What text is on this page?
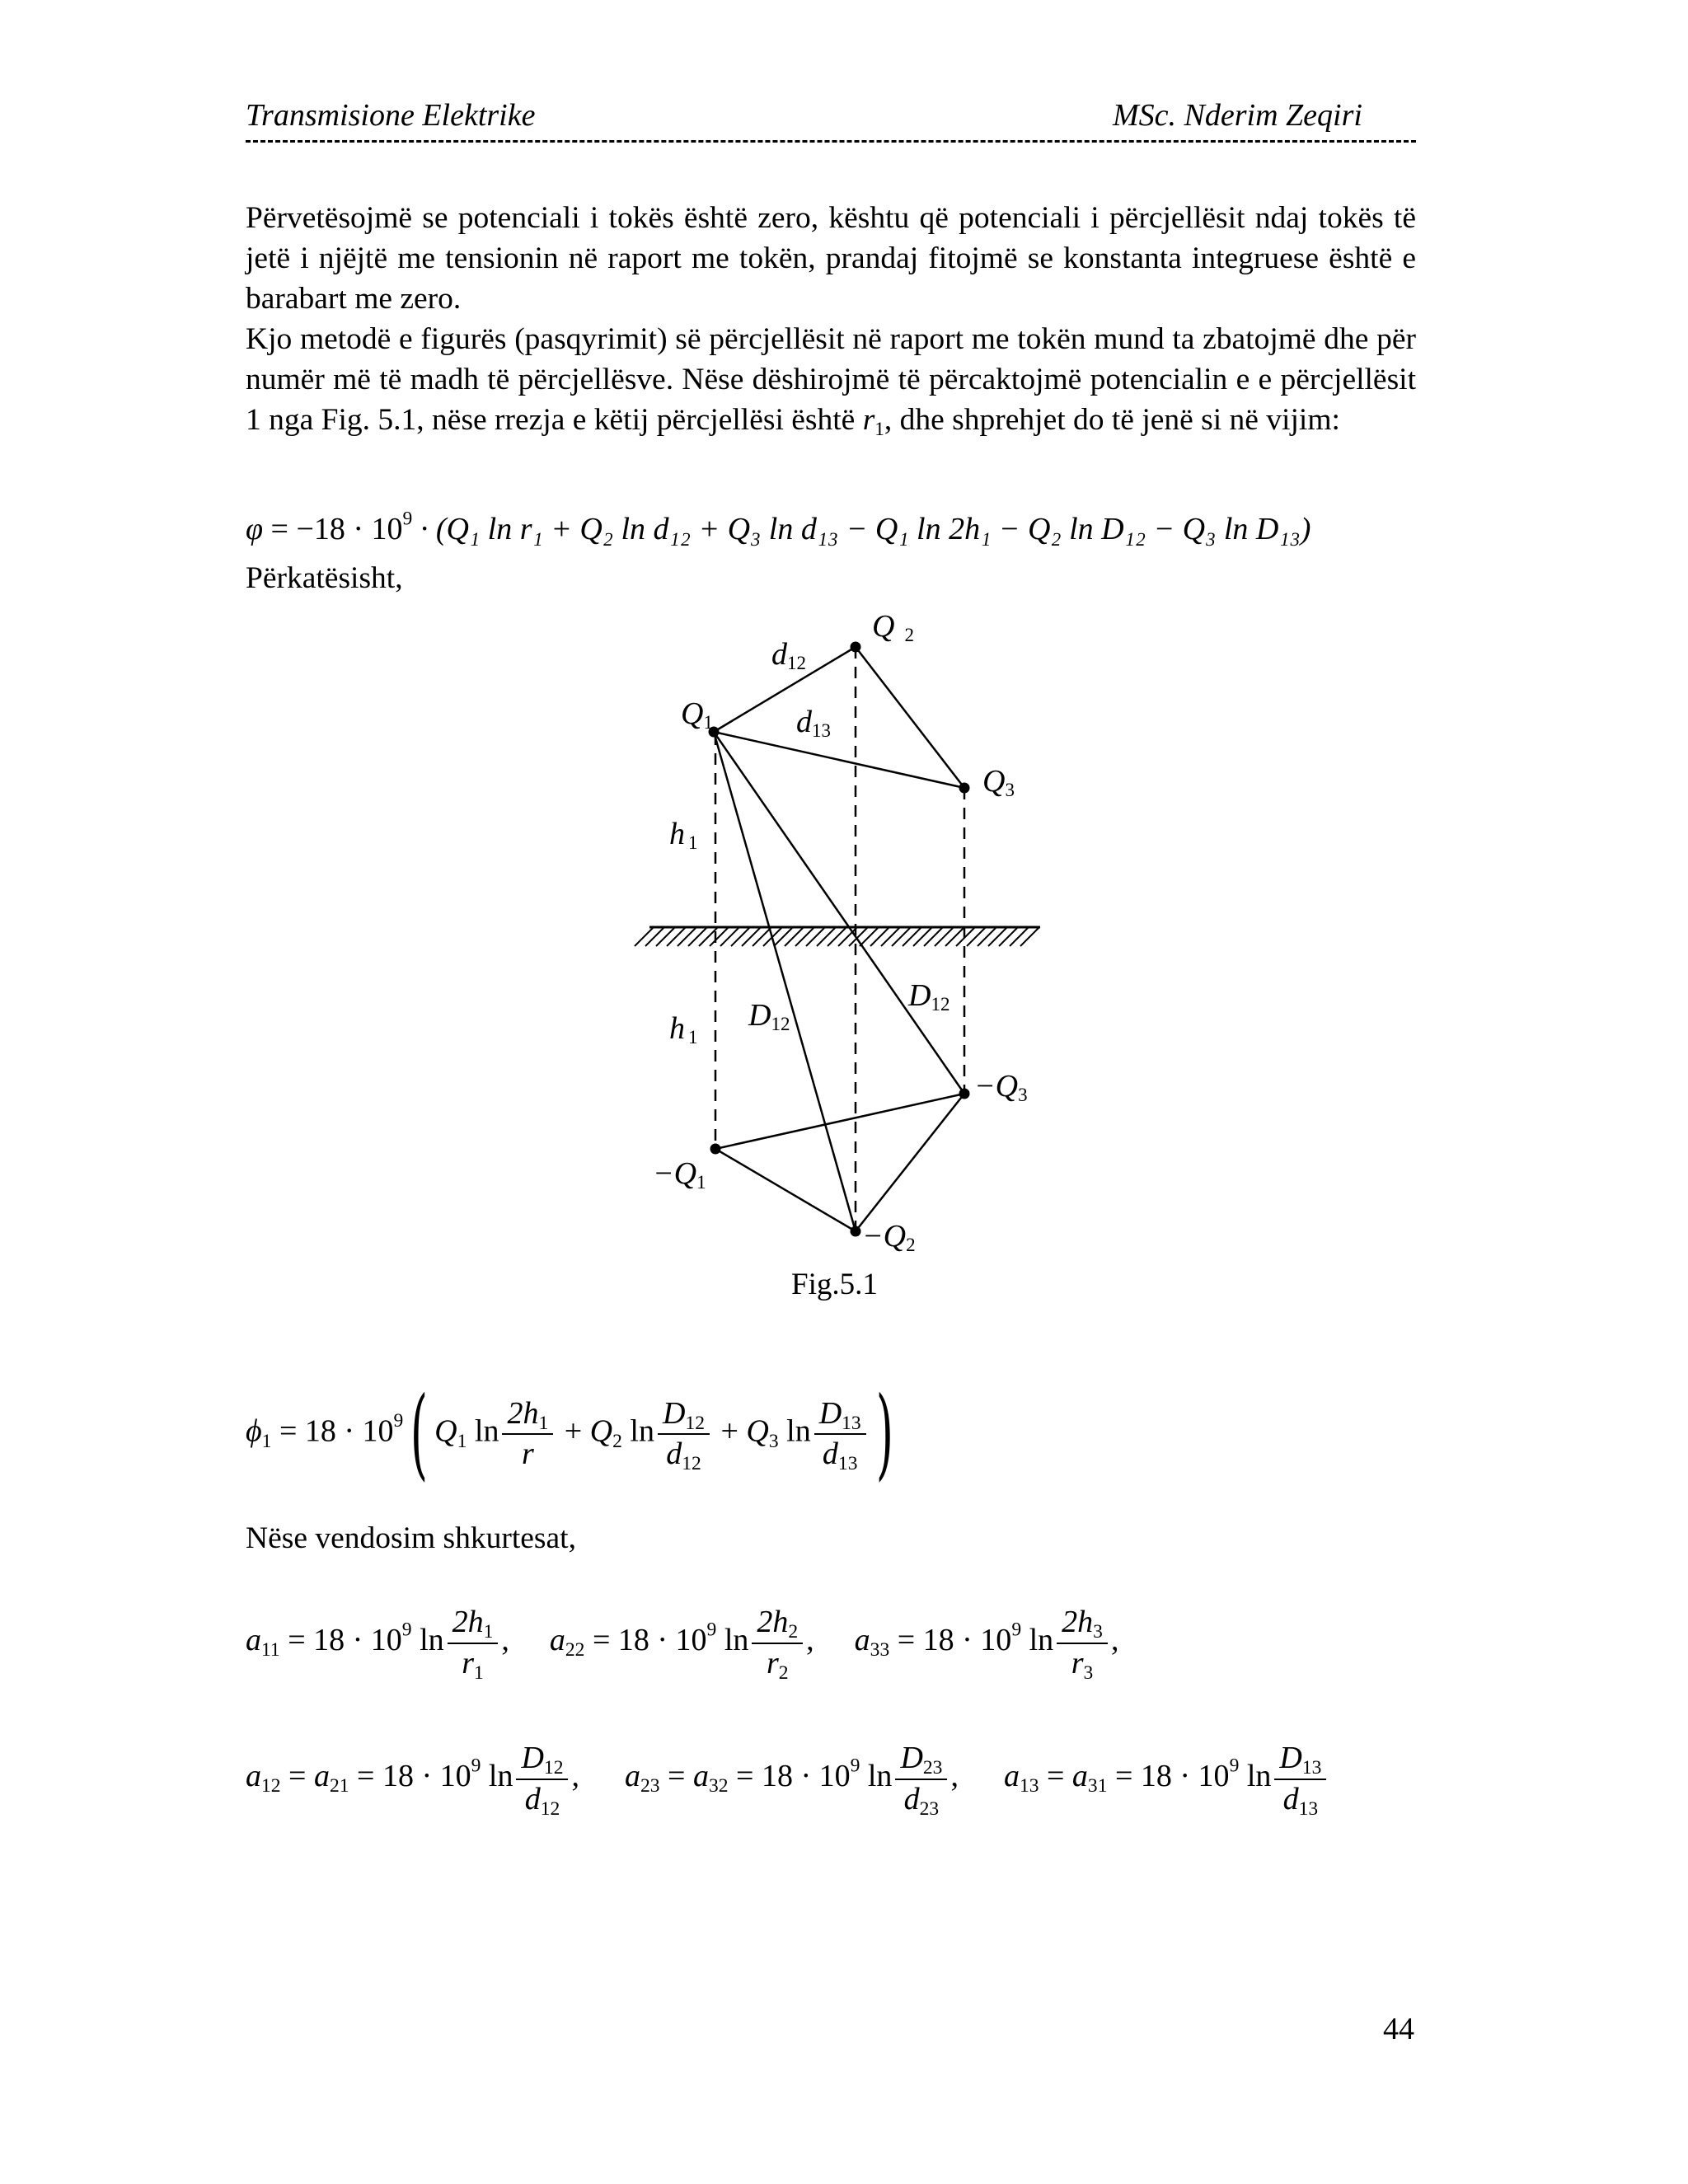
Transmisione Elektrike	MSc. Nderim Zeqiri

Përvetësojmë se potenciali i tokës është zero, kështu që potenciali i përcjellësit ndaj tokës të jetë i njëjtë me tensionin në raport me tokën, prandaj fitojmë se konstanta integruese është e barabart me zero.

Kjo metodë e figurës (pasqyrimit) së përcjellësit në raport me tokën mund ta zbatojmë dhe për numër më të madh të përcjellësve. Nëse dëshirojmë të përcaktojmë potencialin e e përcjellësit 1 nga Fig. 5.1, nëse rrezja e këtij përcjellësi është $r_1$, dhe shprehjet do të jenë si në vijim:

$\varphi = -18 \cdot 10^9 \cdot (Q_1$ ln r₁ + Q₂ ln d₁₂ + Q₃ ln d₁₃ − Q₁ ln 2h₁ − Q₂ ln D₁₂ − Q₃ ln D₁₃)
Përkatësisht,
Q1
Q 2
Q3
d12
d13
h 1
h 1
D12
D12
−Q3
−Q1
−Q2
Fig.5.1
$\phi_1 = 18 \cdot 10^9$ ( $Q_1$ $\ln \frac{2h_1}{r} + Q_2$ $\ln \frac{D_{12}}{d_{12}} + Q_3$ $\ln \frac{D_{13}}{d_{13}}$ )
Nëse vendosim shkurtesat,
$a_{11} = 18 \cdot 10^9$ $\ln \frac{2h_1}{r_1}$ , $a_{22} = 18 \cdot 10^9$ $\ln \frac{2h_2}{r_2}$ , $a_{33} = 18 \cdot 10^9$ $\ln \frac{2h_3}{r_3}$ ,
$a_{12} = a_{21} = 18 \cdot 10^9$ $\ln \frac{D_{12}}{d_{12}}$ , $a_{23} = a_{32} = 18 \cdot 10^9$ $\ln \frac{D_{23}}{d_{23}}$ , $a_{13} = a_{31} = 18 \cdot 10^9$ $\ln \frac{D_{13}}{d_{13}}$
44
